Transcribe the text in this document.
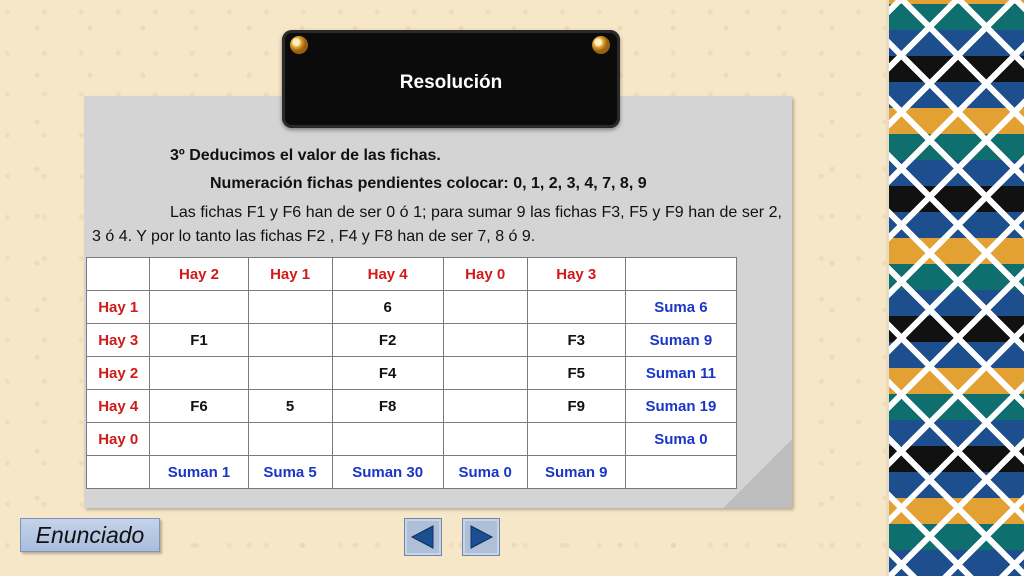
Resolución
3º Deducimos el valor de las fichas.
Numeración fichas pendientes colocar: 0, 1, 2, 3, 4, 7, 8, 9
Las fichas F1 y F6 han de ser 0 ó 1; para sumar 9 las fichas F3, F5 y F9 han de ser 2, 3 ó 4. Y por lo tanto las fichas F2 , F4 y F8 han de ser 7, 8 ó 9.
	Hay 2	Hay 1	Hay 4	Hay 0	Hay 3	
Hay 1			6			Suma 6
Hay 3	F1		F2		F3	Suman 9
Hay 2			F4		F5	Suman 11
Hay 4	F6	5	F8		F9	Suman 19
Hay 0						Suma 0
	Suman 1	Suma 5	Suman 30	Suma 0	Suman 9	
Enunciado
